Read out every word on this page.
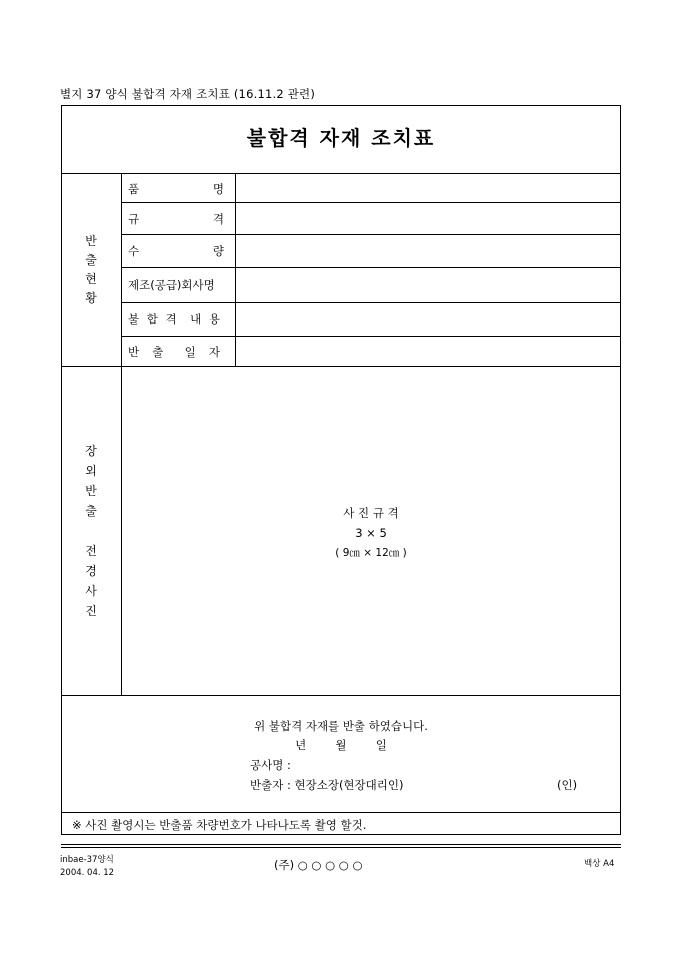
별지 37 양식 불합격 자재 조치표 (16.11.2 관련)
불합격 자재 조치표
반
출
현
황
품	명
규	격
수	량
제조(공급)회사명
불 합 격 내 용
반 출 일 자
장
외
반
출
전
경
사
진
사 진 규 격
3 × 5
( 9㎝ × 12㎝ )
위 불합격 자재를 반출 하였습니다.
년        월        일
공사명 :
반출자 : 현장소장(현장대리인)	(인)
※ 사진 촬영시는 반출품 차량번호가 나타나도록 촬영 할것.
inbae-37양식
2004. 04. 12
(주) ○ ○ ○ ○ ○	백상 A4
